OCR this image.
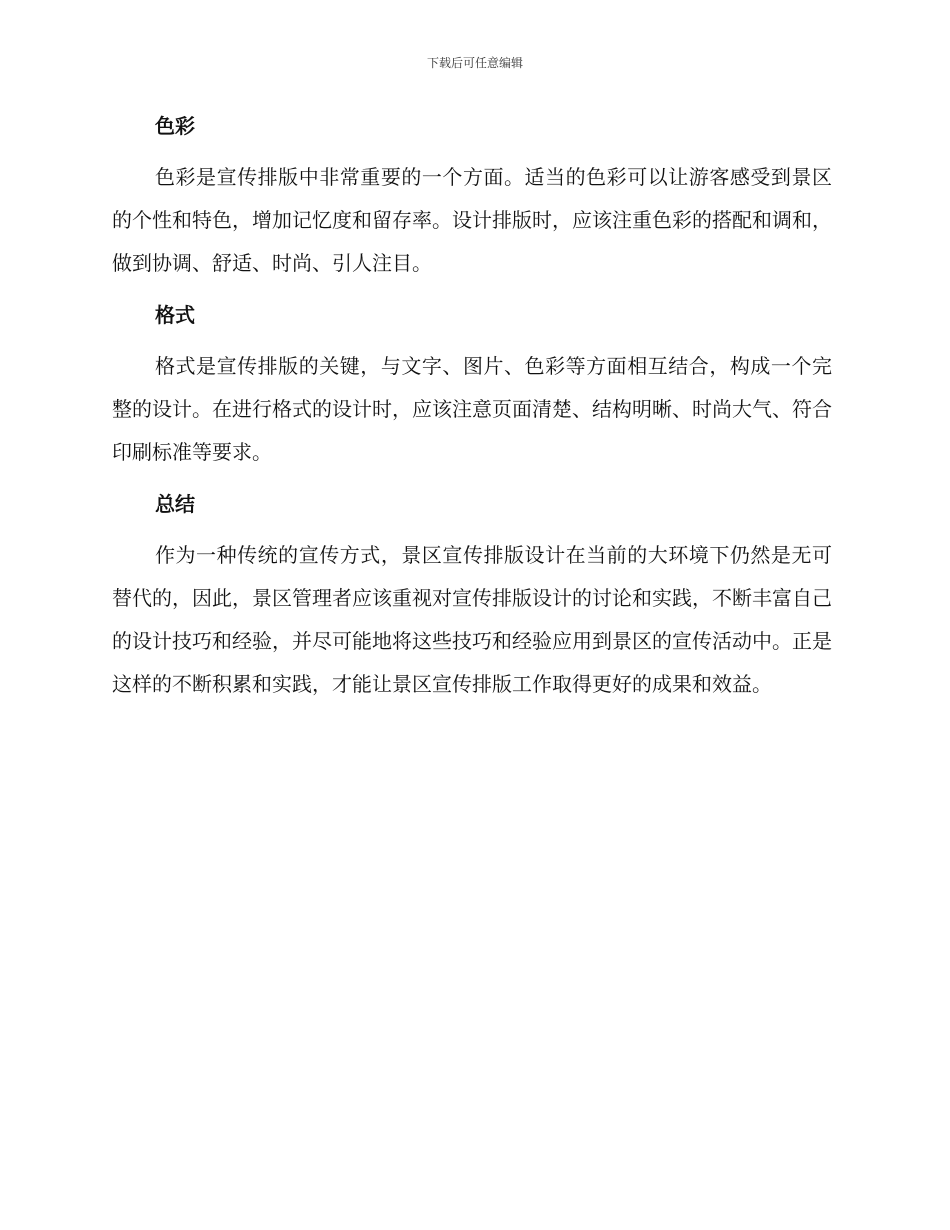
下载后可任意编辑
色彩

色彩是宣传排版中非常重要的一个方面。适当的色彩可以让游客感受到景区的个性和特色，增加记忆度和留存率。设计排版时，应该注重色彩的搭配和调和，做到协调、舒适、时尚、引人注目。

格式

格式是宣传排版的关键，与文字、图片、色彩等方面相互结合，构成一个完整的设计。在进行格式的设计时，应该注意页面清楚、结构明晰、时尚大气、符合印刷标准等要求。

总结

作为一种传统的宣传方式，景区宣传排版设计在当前的大环境下仍然是无可替代的，因此，景区管理者应该重视对宣传排版设计的讨论和实践，不断丰富自己的设计技巧和经验，并尽可能地将这些技巧和经验应用到景区的宣传活动中。正是这样的不断积累和实践，才能让景区宣传排版工作取得更好的成果和效益。
